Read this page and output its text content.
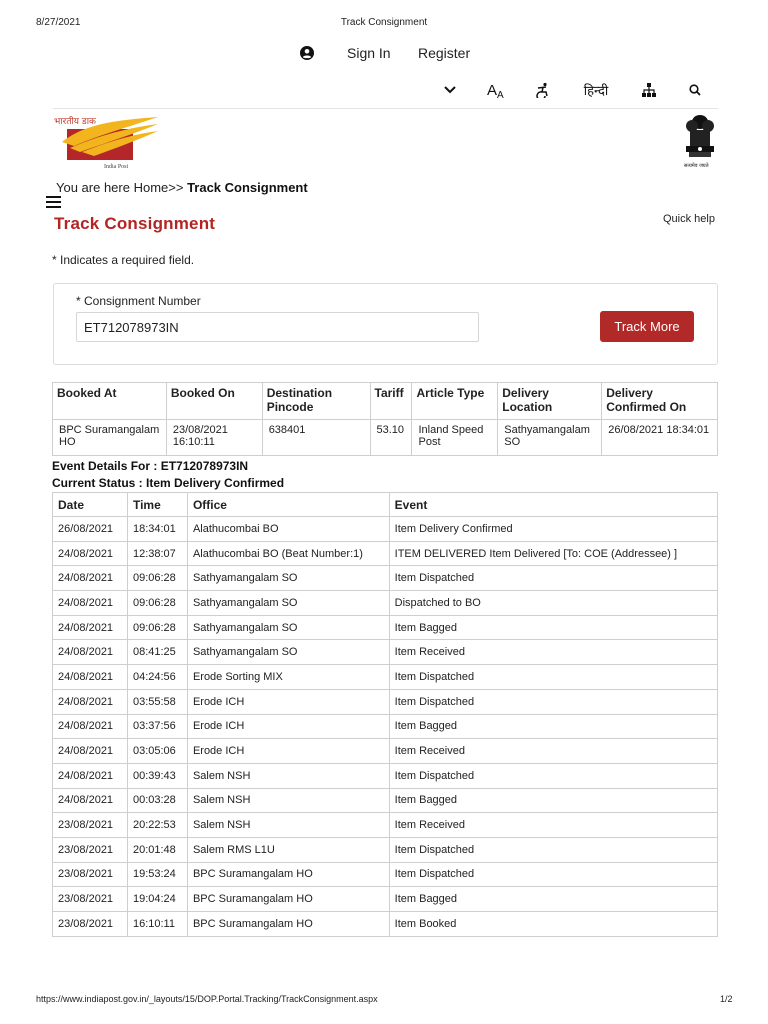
8/27/2021	Track Consignment
Sign In Register
A A	हिन्दी
भारतीय डाक
India Post	सत्यमेव जयते
You are here Home>> Track Consignment
Track Consignment	Quick help
* Indicates a required field.
* Consignment Number
ET712078973IN
Track More
Booked At	Booked On	Destination Pincode	Tariff	Article Type	Delivery Location	Delivery Confirmed On
BPC Suramangalam HO	23/08/2021 16:10:11	638401	53.10	Inland Speed Post	Sathyamangalam SO	26/08/2021 18:34:01
Event Details For : ET712078973IN
Current Status : Item Delivery Confirmed
Date	Time	Office	Event
26/08/2021	18:34:01	Alathucombai BO	Item Delivery Confirmed
24/08/2021	12:38:07	Alathucombai BO (Beat Number:1)	ITEM DELIVERED Item Delivered [To: COE (Addressee) ]
24/08/2021	09:06:28	Sathyamangalam SO	Item Dispatched
24/08/2021	09:06:28	Sathyamangalam SO	Dispatched to BO
24/08/2021	09:06:28	Sathyamangalam SO	Item Bagged
24/08/2021	08:41:25	Sathyamangalam SO	Item Received
24/08/2021	04:24:56	Erode Sorting MIX	Item Dispatched
24/08/2021	03:55:58	Erode ICH	Item Dispatched
24/08/2021	03:37:56	Erode ICH	Item Bagged
24/08/2021	03:05:06	Erode ICH	Item Received
24/08/2021	00:39:43	Salem NSH	Item Dispatched
24/08/2021	00:03:28	Salem NSH	Item Bagged
23/08/2021	20:22:53	Salem NSH	Item Received
23/08/2021	20:01:48	Salem RMS L1U	Item Dispatched
23/08/2021	19:53:24	BPC Suramangalam HO	Item Dispatched
23/08/2021	19:04:24	BPC Suramangalam HO	Item Bagged
23/08/2021	16:10:11	BPC Suramangalam HO	Item Booked
https://www.indiapost.gov.in/_layouts/15/DOP.Portal.Tracking/TrackConsignment.aspx	1/2
